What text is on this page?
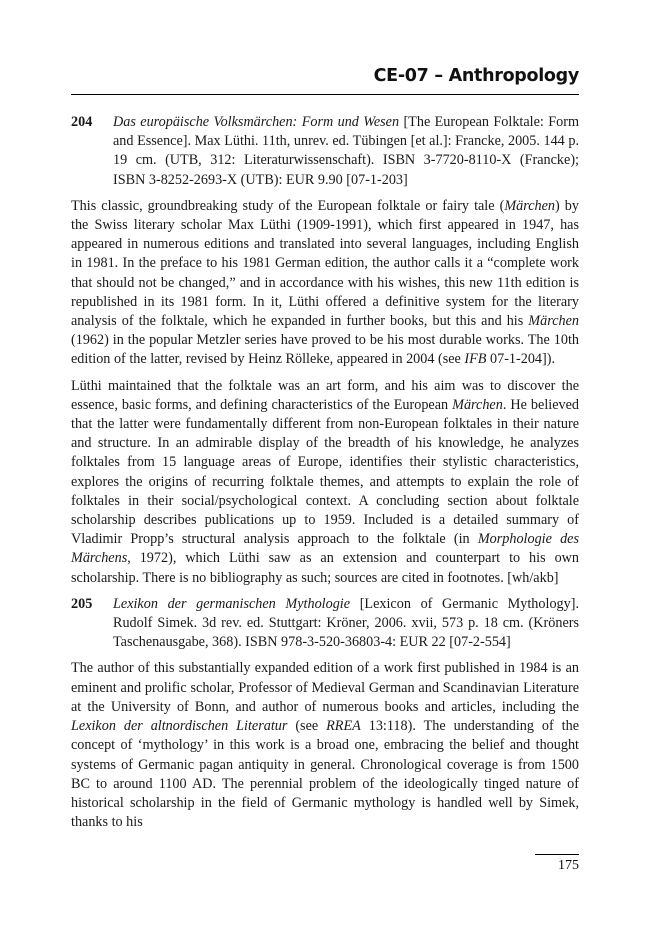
CE-07 – Anthropology
204	Das europäische Volksmärchen: Form und Wesen [The European Folktale: Form and Essence]. Max Lüthi. 11th, unrev. ed. Tübingen [et al.]: Francke, 2005. 144 p. 19 cm. (UTB, 312: Literaturwissenschaft). ISBN 3-7720-8110-X (Francke); ISBN 3-8252-2693-X (UTB): EUR 9.90 [07-1-203]

This classic, groundbreaking study of the European folktale or fairy tale (Märchen) by the Swiss literary scholar Max Lüthi (1909-1991), which first appeared in 1947, has appeared in numerous editions and translated into several languages, including English in 1981. In the preface to his 1981 German edition, the author calls it a “complete work that should not be changed,” and in accordance with his wishes, this new 11th edition is republished in its 1981 form. In it, Lüthi offered a definitive system for the literary analysis of the folktale, which he expanded in further books, but this and his Märchen (1962) in the popular Metzler series have proved to be his most durable works. The 10th edition of the latter, revised by Heinz Rölleke, appeared in 2004 (see IFB 07-1-204]).

Lüthi maintained that the folktale was an art form, and his aim was to discover the essence, basic forms, and defining characteristics of the European Märchen. He believed that the latter were fundamentally different from non-European folktales in their nature and structure. In an admirable display of the breadth of his knowledge, he analyzes folktales from 15 language areas of Europe, identifies their stylistic characteristics, explores the origins of recurring folktale themes, and attempts to explain the role of folktales in their social/psychological context. A concluding section about folktale scholarship describes publications up to 1959. Included is a detailed summary of Vladimir Propp’s structural analysis approach to the folktale (in Morphologie des Märchens, 1972), which Lüthi saw as an extension and counterpart to his own scholarship. There is no bibliography as such; sources are cited in footnotes. [wh/akb]

205	Lexikon der germanischen Mythologie [Lexicon of Germanic Mythology]. Rudolf Simek. 3d rev. ed. Stuttgart: Kröner, 2006. xvii, 573 p. 18 cm. (Kröners Taschenausgabe, 368). ISBN 978-3-520-36803-4: EUR 22 [07-2-554]

The author of this substantially expanded edition of a work first published in 1984 is an eminent and prolific scholar, Professor of Medieval German and Scandinavian Literature at the University of Bonn, and author of numerous books and articles, including the Lexikon der altnordischen Literatur (see RREA 13:118). The understanding of the concept of ‘mythology’ in this work is a broad one, embracing the belief and thought systems of Germanic pagan antiquity in general. Chronological coverage is from 1500 BC to around 1100 AD. The perennial problem of the ideologically tinged nature of historical scholarship in the field of Germanic mythology is handled well by Simek, thanks to his

175
